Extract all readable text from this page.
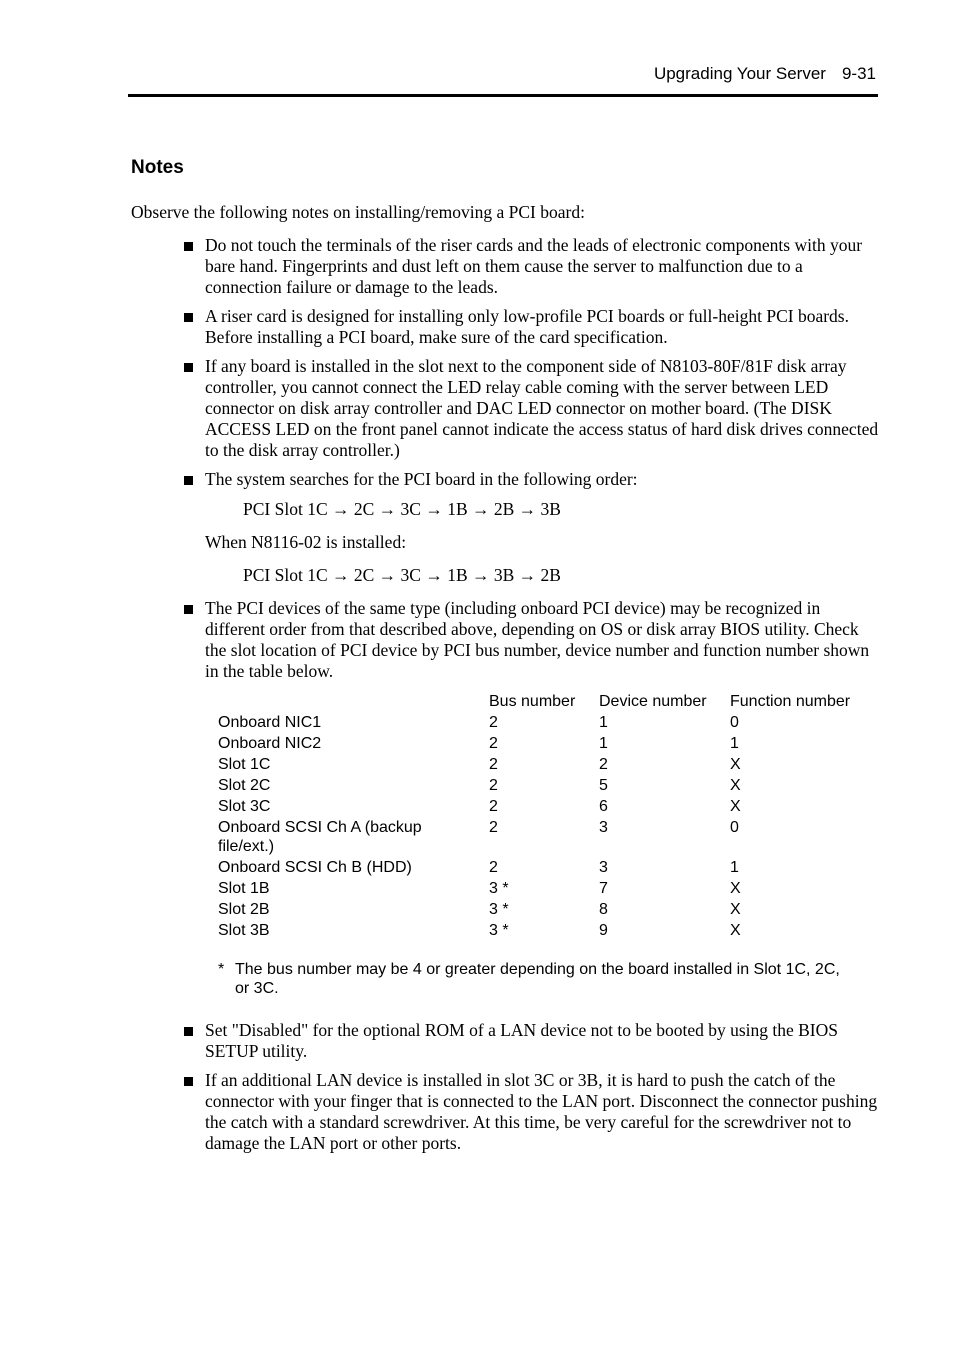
Upgrading Your Server 9-31
Notes
Observe the following notes on installing/removing a PCI board:
Do not touch the terminals of the riser cards and the leads of electronic components with your bare hand. Fingerprints and dust left on them cause the server to malfunction due to a connection failure or damage to the leads.
A riser card is designed for installing only low-profile PCI boards or full-height PCI boards. Before installing a PCI board, make sure of the card specification.
If any board is installed in the slot next to the component side of N8103-80F/81F disk array controller, you cannot connect the LED relay cable coming with the server between LED connector on disk array controller and DAC LED connector on mother board. (The DISK ACCESS LED on the front panel cannot indicate the access status of hard disk drives connected to the disk array controller.)
The system searches for the PCI board in the following order:
PCI Slot 1C → 2C → 3C → 1B → 2B → 3B
When N8116-02 is installed:
PCI Slot 1C → 2C → 3C → 1B → 3B → 2B
The PCI devices of the same type (including onboard PCI device) may be recognized in different order from that described above, depending on OS or disk array BIOS utility. Check the slot location of PCI device by PCI bus number, device number and function number shown in the table below.
	Bus number	Device number	Function number
Onboard NIC1	2	1	0
Onboard NIC2	2	1	1
Slot 1C	2	2	X
Slot 2C	2	5	X
Slot 3C	2	6	X
Onboard SCSI Ch A (backup file/ext.)	2	3	0
Onboard SCSI Ch B (HDD)	2	3	1
Slot 1B	3 *	7	X
Slot 2B	3 *	8	X
Slot 3B	3 *	9	X
* The bus number may be 4 or greater depending on the board installed in Slot 1C, 2C, or 3C.
Set "Disabled" for the optional ROM of a LAN device not to be booted by using the BIOS SETUP utility.
If an additional LAN device is installed in slot 3C or 3B, it is hard to push the catch of the connector with your finger that is connected to the LAN port. Disconnect the connector pushing the catch with a standard screwdriver. At this time, be very careful for the screwdriver not to damage the LAN port or other ports.
